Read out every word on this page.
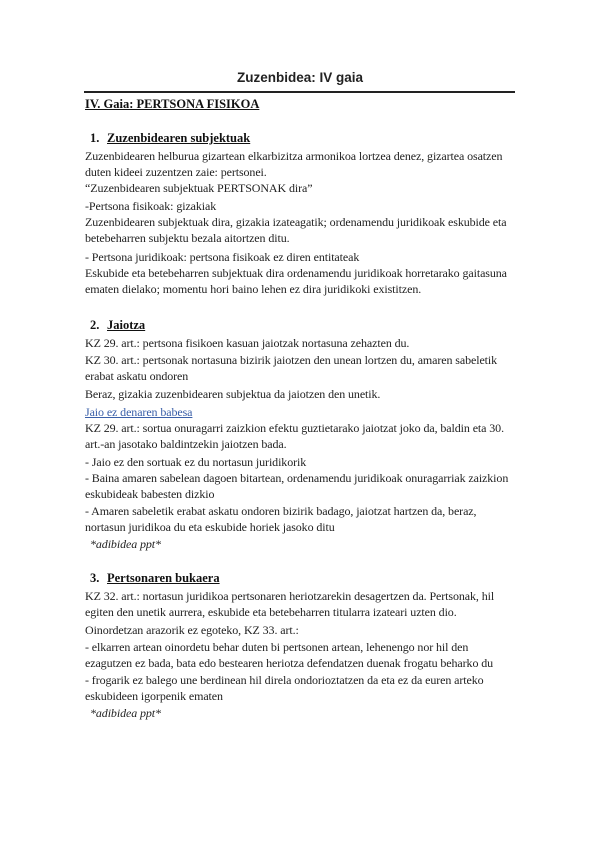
Zuzenbidea: IV gaia
IV. Gaia: PERTSONA FISIKOA
1. Zuzenbidearen subjektuak
Zuzenbidearen helburua gizartean elkarbizitza armonikoa lortzea denez, gizartea osatzen duten kideei zuzentzen zaie: pertsonei.
“Zuzenbidearen subjektuak PERTSONAK dira”
-Pertsona fisikoak: gizakiak
Zuzenbidearen subjektuak dira, gizakia izateagatik; ordenamendu juridikoak eskubide eta betebeharren subjektu bezala aitortzen ditu.
- Pertsona juridikoak: pertsona fisikoak ez diren entitateak
Eskubide eta betebeharren subjektuak dira ordenamendu juridikoak horretarako gaitasuna ematen dielako; momentu hori baino lehen ez dira juridikoki existitzen.
2. Jaiotza
KZ 29. art.: pertsona fisikoen kasuan jaiotzak nortasuna zehazten du.
KZ 30. art.: pertsonak nortasuna bizirik jaiotzen den unean lortzen du, amaren sabeletik erabat askatu ondoren
Beraz, gizakia zuzenbidearen subjektua da jaiotzen den unetik.
Jaio ez denaren babesa
KZ 29. art.: sortua onuragarri zaizkion efektu guztietarako jaiotzat joko da, baldin eta 30. art.-an jasotako baldintzekin jaiotzen bada.
- Jaio ez den sortuak ez du nortasun juridikorik
- Baina amaren sabelean dagoen bitartean, ordenamendu juridikoak onuragarriak zaizkion eskubideak babesten dizkio
- Amaren sabeletik erabat askatu ondoren bizirik badago, jaiotzat hartzen da, beraz, nortasun juridikoa du eta eskubide horiek jasoko ditu
*adibidea ppt*
3. Pertsonaren bukaera
KZ 32. art.: nortasun juridikoa pertsonaren heriotzarekin desagertzen da. Pertsonak, hil egiten den unetik aurrera, eskubide eta betebeharren titularra izateari uzten dio.
Oinordetzan arazorik ez egoteko, KZ 33. art.:
- elkarren artean oinordetu behar duten bi pertsonen artean, lehenengo nor hil den ezagutzen ez bada, bata edo bestearen heriotza defendatzen duenak frogatu beharko du
- frogarik ez balego une berdinean hil direla ondorioztatzen da eta ez da euren arteko eskubideen igorpenik ematen
*adibidea ppt*
